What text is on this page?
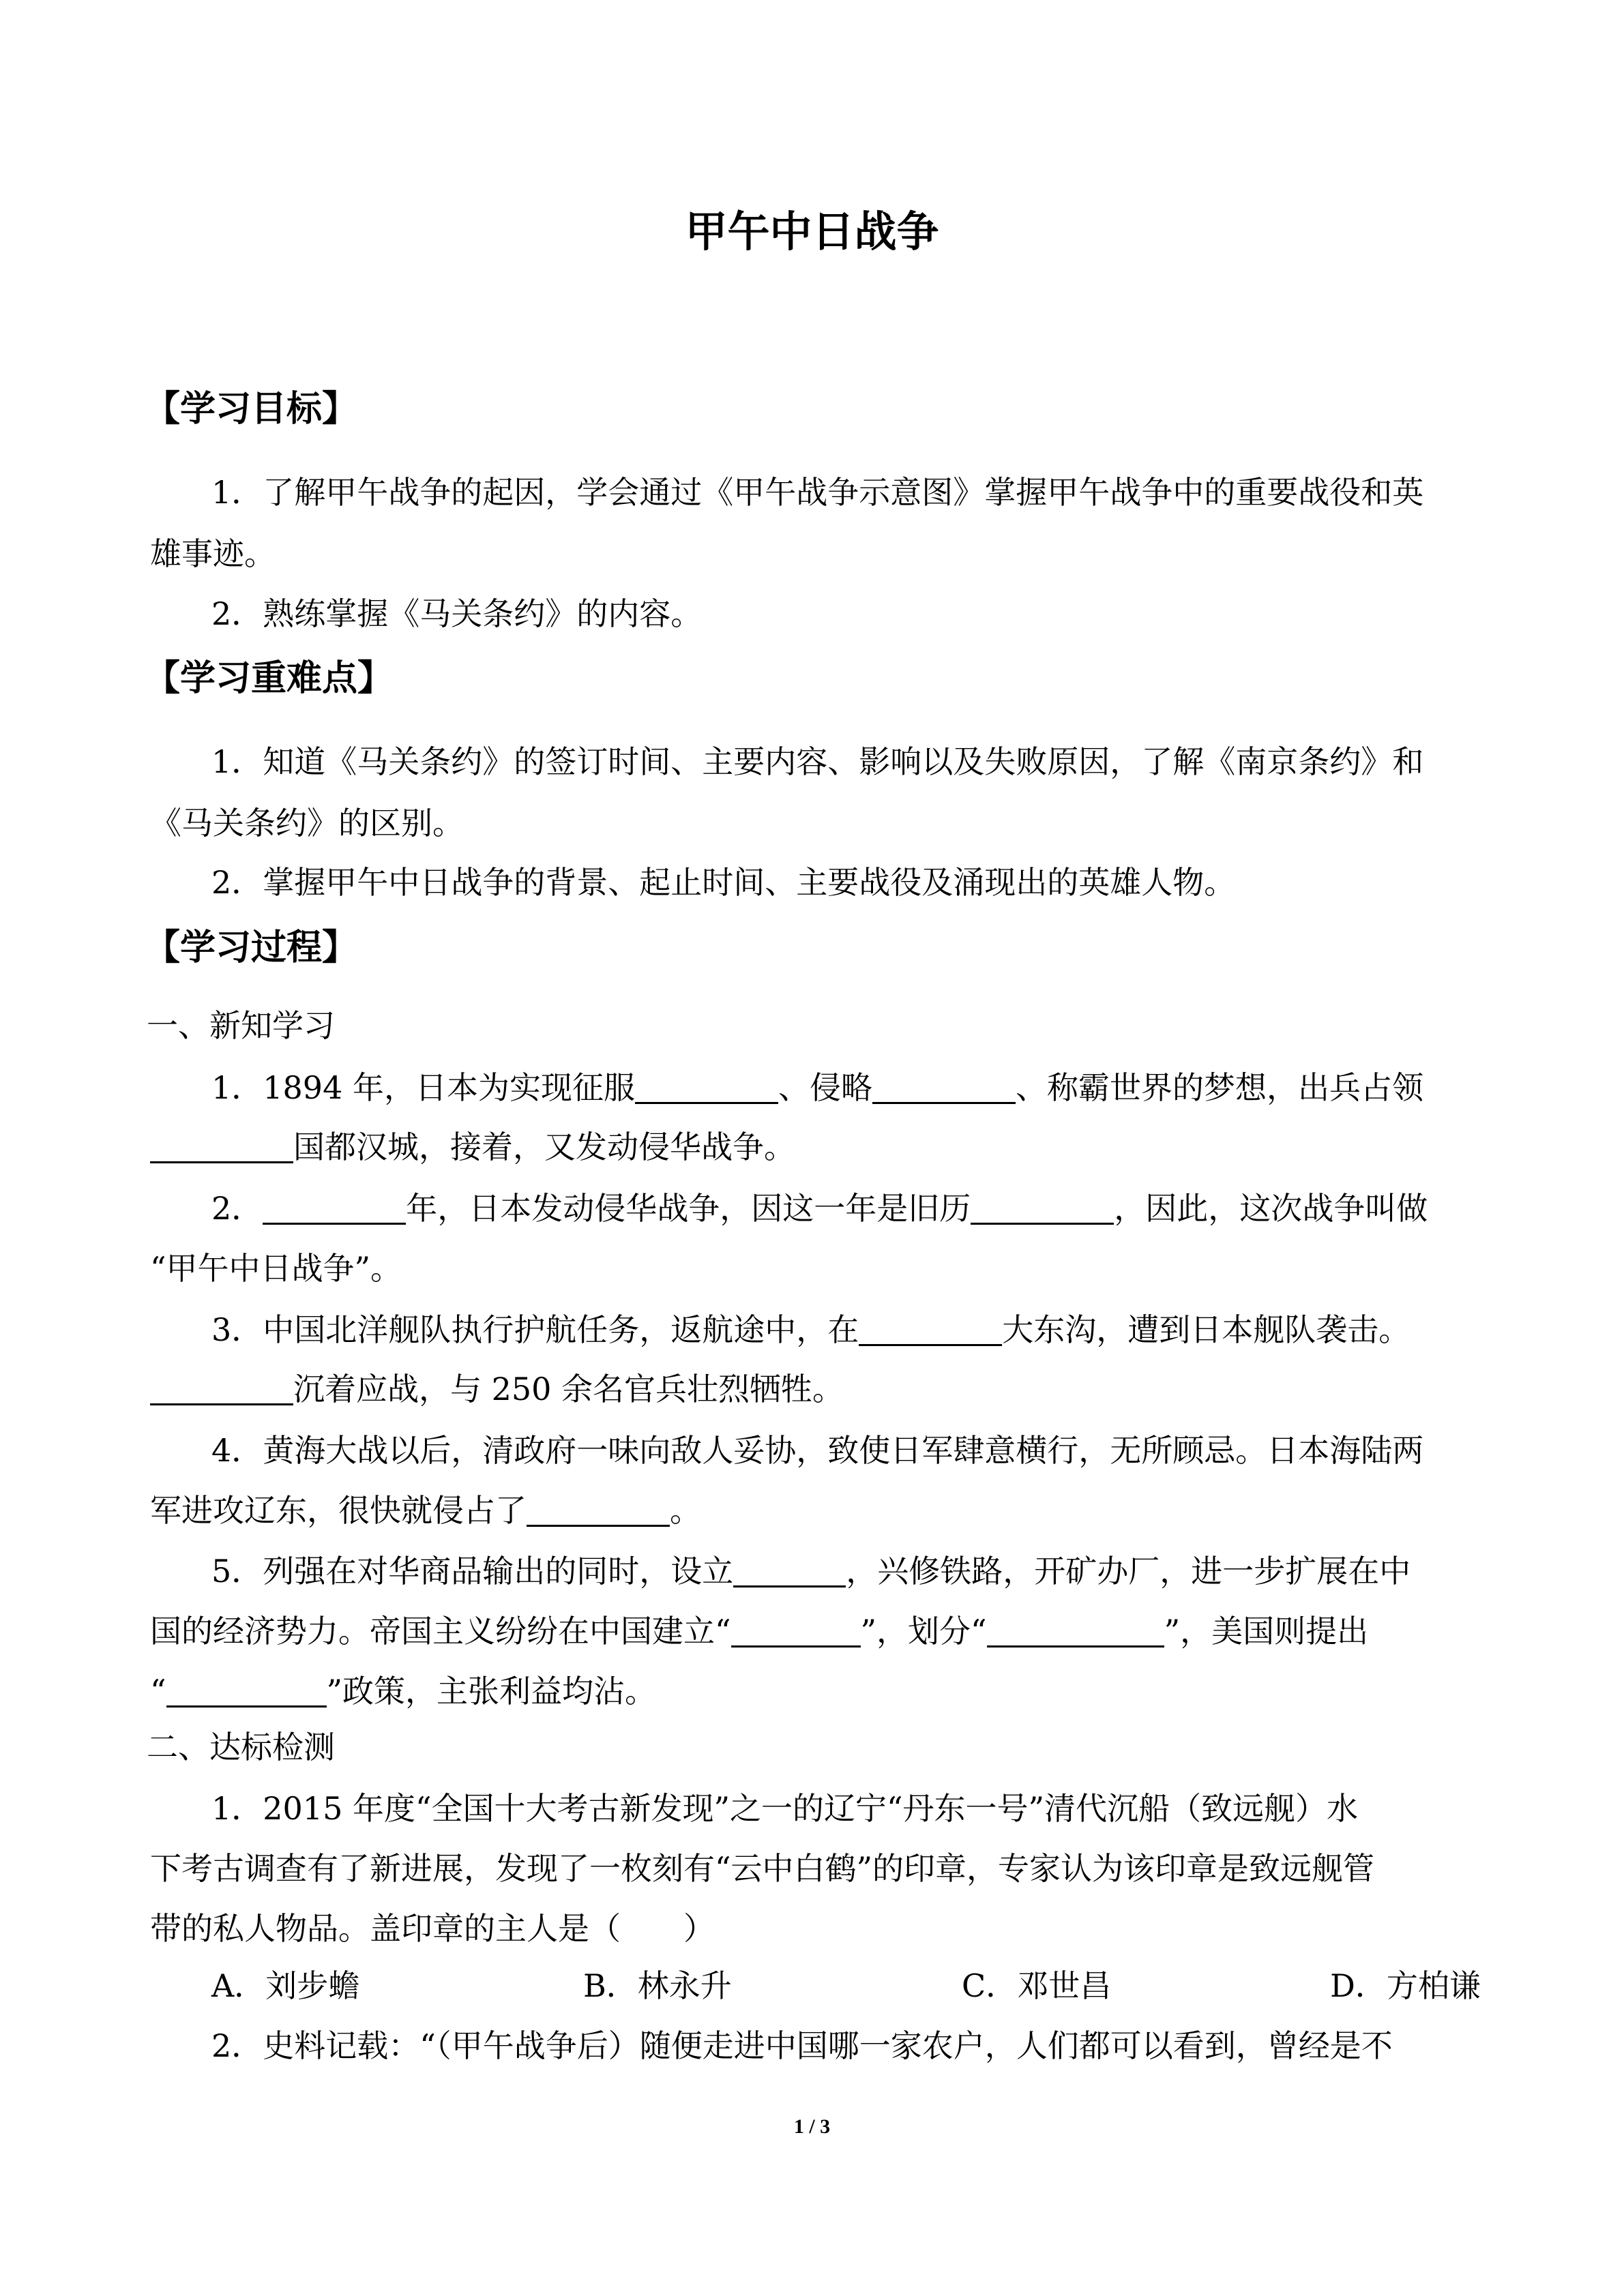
甲午中日战争
【学习目标】
1．了解甲午战争的起因，学会通过《甲午战争示意图》掌握甲午战争中的重要战役和英
雄事迹。
2．熟练掌握《马关条约》的内容。
【学习重难点】
1．知道《马关条约》的签订时间、主要内容、影响以及失败原因，了解《南京条约》和
《马关条约》的区别。
2．掌握甲午中日战争的背景、起止时间、主要战役及涌现出的英雄人物。
【学习过程】
一、新知学习
1．1894 年，日本为实现征服	、侵略	、称霸世界的梦想，出兵占领
国都汉城，接着，又发动侵华战争。
2．	年，日本发动侵华战争，因这一年是旧历	，因此，这次战争叫做
“甲午中日战争”。
3．中国北洋舰队执行护航任务，返航途中，在	大东沟，遭到日本舰队袭击。
沉着应战，与 250 余名官兵壮烈牺牲。
4．黄海大战以后，清政府一味向敌人妥协，致使日军肆意横行，无所顾忌。日本海陆两
军进攻辽东，很快就侵占了	。
5．列强在对华商品输出的同时，设立	，兴修铁路，开矿办厂，进一步扩展在中
国的经济势力。帝国主义纷纷在中国建立“	”，划分“	”，美国则提出
“	”政策，主张利益均沾。
二、达标检测
1．2015 年度“全国十大考古新发现”之一的辽宁“丹东一号”清代沉船（致远舰）水
下考古调查有了新进展，发现了一枚刻有“云中白鹤”的印章，专家认为该印章是致远舰管
带的私人物品。盖印章的主人是（　　）
A．刘步蟾	B．林永升	C．邓世昌	D．方柏谦
2．史料记载：“（甲午战争后）随便走进中国哪一家农户，人们都可以看到，曾经是不
1 / 3
